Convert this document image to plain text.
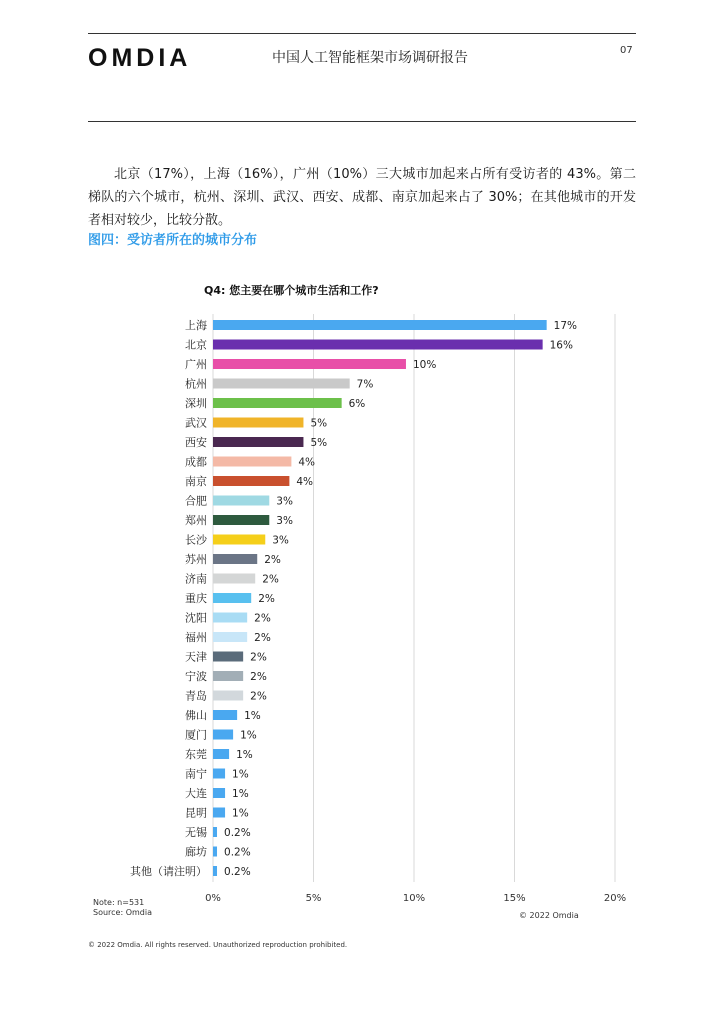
OMDIA	中国人工智能框架市场调研报告	07

北京（17%），上海（16%），广州（10%）三大城市加起来占所有受访者的 43%。第二梯队的六个城市，杭州、深圳、武汉、西安、成都、南京加起来占了 30%；在其他城市的开发者相对较少，比较分散。

图四：受访者所在的城市分布
0%	5%	10%	15%	20%
上海	17%
北京	16%
广州	10%
杭州	7%
深圳	6%
武汉	5%
西安	5%
成都	4%
南京	4%
合肥	3%
郑州	3%
长沙	3%
苏州	2%
济南	2%
重庆	2%
沈阳	2%
福州	2%
天津	2%
宁波	2%
青岛	2%
佛山	1%
厦门	1%
东莞	1%
南宁 1%
大连 1%
昆明 1%
无锡 0.2%
廊坊 0.2%
其他（请注明） 0.2%
Q4: 您主要在哪个城市生活和工作?
Note: n=531
Source: Omdia	© 2022 Omdia
© 2022 Omdia. All rights reserved. Unauthorized reproduction prohibited.
